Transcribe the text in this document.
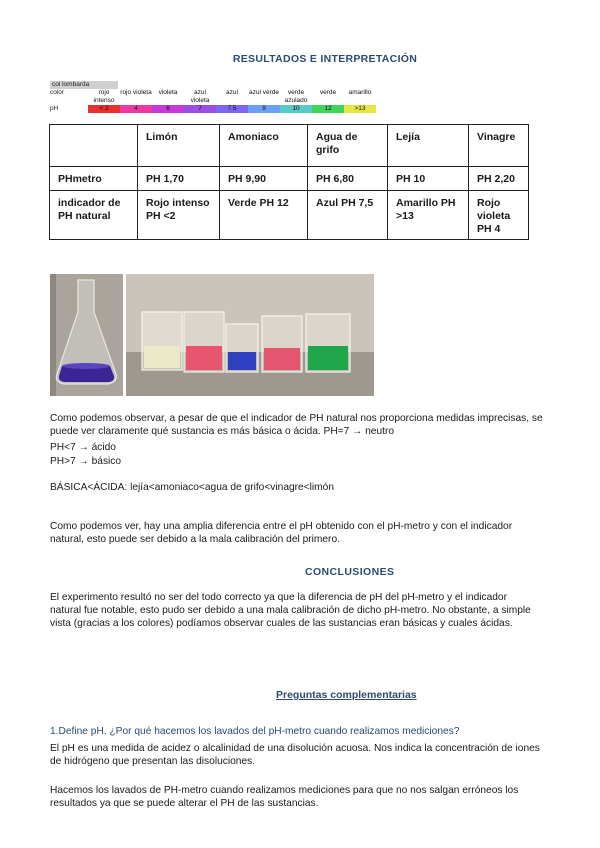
RESULTADOS E INTERPRETACIÓN
col lombarda
color	rojo intenso	rojo violeta	violeta	azul violeta	azul	azul verde	verde azulado	verde	amarillo
pH	< 2	4	6	7	7.5	9	10	12	>13
	Limón	Amoniaco	Agua de grifo	Lejía	Vinagre
PHmetro	PH 1,70	PH 9,90	PH 6,80	PH 10	PH 2,20
indicador de PH natural	Rojo intenso PH <2	Verde PH 12	Azul PH 7,5	Amarillo PH >13	Rojo violeta PH 4
Como podemos observar, a pesar de que el indicador de PH natural nos proporciona medidas imprecisas, se puede ver claramente qué sustancia es más básica o ácida. PH=7 → neutro
PH<7 → ácido
PH>7 → básico
BÁSICA<ÁCIDA: lejía<amoniaco<agua de grifo<vinagre<limón
Como podemos ver, hay una amplia diferencia entre el pH obtenido con el pH-metro y con el indicador natural, esto puede ser debido a la mala calibración del primero.
CONCLUSIONES
El experimento resultó no ser del todo correcto ya que la diferencia de pH del pH-metro y el indicador natural fue notable, esto pudo ser debido a una mala calibración de dicho pH-metro. No obstante, a simple vista (gracias a los colores) podíamos observar cuales de las sustancias eran básicas y cuales ácidas.
Preguntas complementarias
1.Define pH. ¿Por qué hacemos los lavados del pH-metro cuando realizamos mediciones?
El pH es una medida de acidez o alcalinidad de una disolución acuosa. Nos indica la concentración de iones de hidrógeno que presentan las disoluciones.
Hacemos los lavados de PH-metro cuando realizamos mediciones para que no nos salgan erróneos los resultados ya que se puede alterar el PH de las sustancias.
